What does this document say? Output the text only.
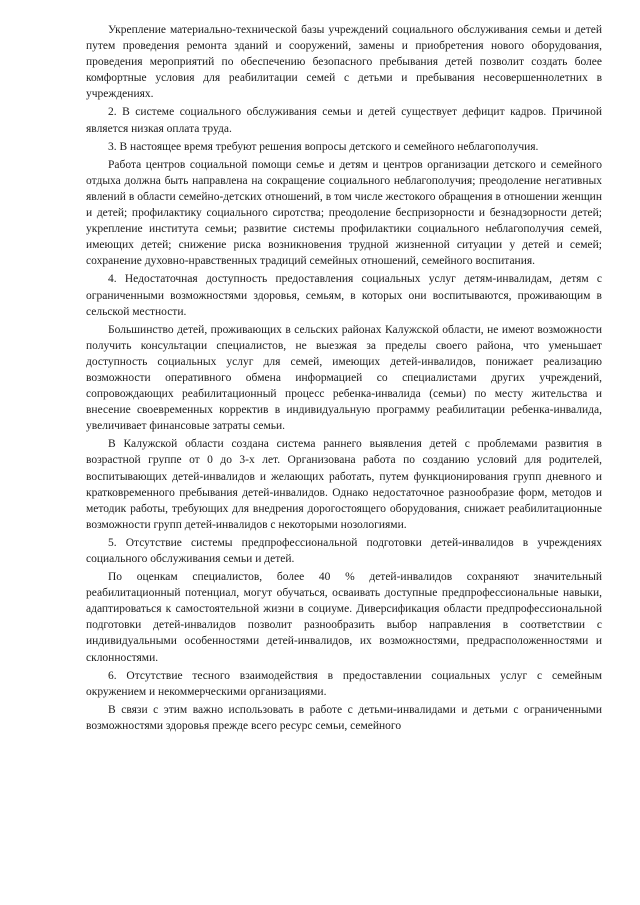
Укрепление материально-технической базы учреждений социального обслуживания семьи и детей путем проведения ремонта зданий и сооружений, замены и приобретения нового оборудования, проведения мероприятий по обеспечению безопасного пребывания детей позволит создать более комфортные условия для реабилитации семей с детьми и пребывания несовершеннолетних в учреждениях.

2. В системе социального обслуживания семьи и детей существует дефицит кадров. Причиной является низкая оплата труда.

3. В настоящее время требуют решения вопросы детского и семейного неблагополучия.

Работа центров социальной помощи семье и детям и центров организации детского и семейного отдыха должна быть направлена на сокращение социального неблагополучия; преодоление негативных явлений в области семейно-детских отношений, в том числе жестокого обращения в отношении женщин и детей; профилактику социального сиротства; преодоление беспризорности и безнадзорности детей; укрепление института семьи; развитие системы профилактики социального неблагополучия семей, имеющих детей; снижение риска возникновения трудной жизненной ситуации у детей и семей; сохранение духовно-нравственных традиций семейных отношений, семейного воспитания.

4. Недостаточная доступность предоставления социальных услуг детям-инвалидам, детям с ограниченными возможностями здоровья, семьям, в которых они воспитываются, проживающим в сельской местности.

Большинство детей, проживающих в сельских районах Калужской области, не имеют возможности получить консультации специалистов, не выезжая за пределы своего района, что уменьшает доступность социальных услуг для семей, имеющих детей-инвалидов, понижает реализацию возможности оперативного обмена информацией со специалистами других учреждений, сопровождающих реабилитационный процесс ребенка-инвалида (семьи) по месту жительства и внесение своевременных корректив в индивидуальную программу реабилитации ребенка-инвалида, увеличивает финансовые затраты семьи.

В Калужской области создана система раннего выявления детей с проблемами развития в возрастной группе от 0 до 3-х лет. Организована работа по созданию условий для родителей, воспитывающих детей-инвалидов и желающих работать, путем функционирования групп дневного и кратковременного пребывания детей-инвалидов. Однако недостаточное разнообразие форм, методов и методик работы, требующих для внедрения дорогостоящего оборудования, снижает реабилитационные возможности групп детей-инвалидов с некоторыми нозологиями.

5. Отсутствие системы предпрофессиональной подготовки детей-инвалидов в учреждениях социального обслуживания семьи и детей.

По оценкам специалистов, более 40 % детей-инвалидов сохраняют значительный реабилитационный потенциал, могут обучаться, осваивать доступные предпрофессиональные навыки, адаптироваться к самостоятельной жизни в социуме. Диверсификация области предпрофессиональной подготовки детей-инвалидов позволит разнообразить выбор направления в соответствии с индивидуальными особенностями детей-инвалидов, их возможностями, предрасположенностями и склонностями.

6. Отсутствие тесного взаимодействия в предоставлении социальных услуг с семейным окружением и некоммерческими организациями.

В связи с этим важно использовать в работе с детьми-инвалидами и детьми с ограниченными возможностями здоровья прежде всего ресурс семьи, семейного
